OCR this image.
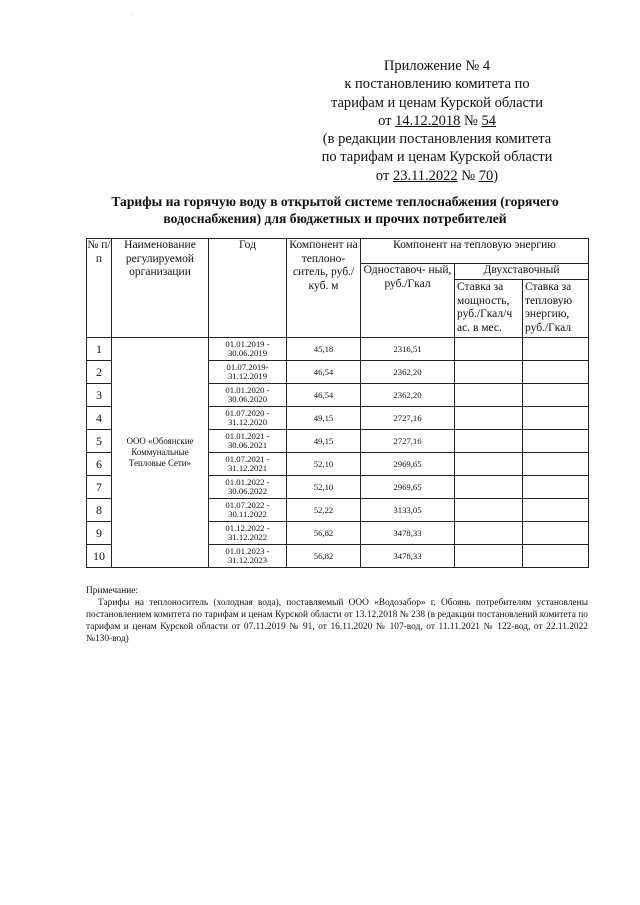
·
Приложение № 4
к постановлению комитета по
тарифам и ценам Курской области
от 14.12.2018 № 54
(в редакции постановления комитета
по тарифам и ценам Курской области
от 23.11.2022 № 70)
Тарифы на горячую воду в открытой системе теплоснабжения (горячего водоснабжения) для бюджетных и прочих потребителей
№ п/п	Наименование регулируемой организации	Год	Компонент на теплоно- ситель, руб./куб. м	Компонент на тепловую энергию		
				Одноставоч- ный, руб./Гкал	Двухставочный	
					Ставка за мощность, руб./Гкал/ч ас. в мес.	Ставка за тепловую энергию, руб./Гкал
1	ООО «Обоянские Коммунальные Тепловые Сети»	01.01.2019 - 30.06.2019	45,18	2316,51		
2		01.07.2019- 31.12.2019	46,54	2362,20		
3		01.01.2020 - 30.06.2020	46,54	2362,20		
4		01.07.2020 - 31.12.2020	49,15	2727,16		
5		01.01.2021 - 30.06.2021	49,15	2727,16		
6		01.07.2021 - 31.12.2021	52,10	2969,65		
7		01.01.2022 - 30.06.2022	52,10	2969,65		
8		01.07.2022 - 30.11.2022	52,22	3133,05		
9		01.12.2022 - 31.12.2022	56,82	3478,33		
10		01.01.2023 - 31.12.2023	56,82	3478,33		
Примечание:

Тарифы на теплоноситель (холодная вода), поставляемый ООО «Водозабор» г. Обоянь потребителям установлены постановлением комитета по тарифам и ценам Курской области от 13.12.2018 № 238 (в редакции постановлений комитета по тарифам и ценам Курской области от 07.11.2019 № 91, от 16.11.2020 № 107-вод, от 11.11.2021 № 122-вод, от 22.11.2022 №130-вод)
